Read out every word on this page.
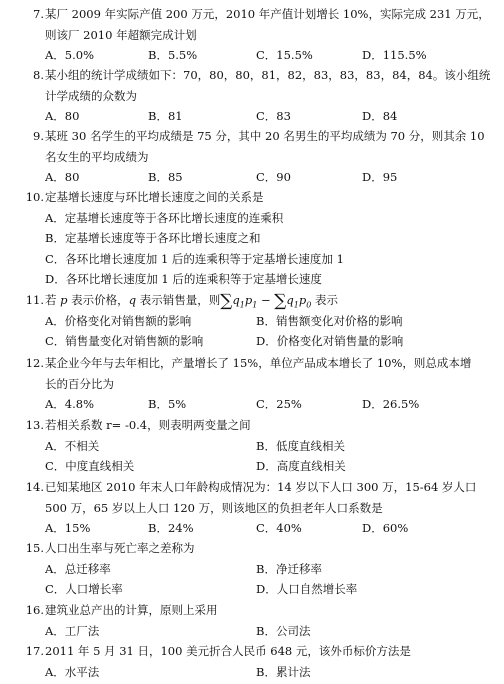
7. 某厂 2009 年实际产值 200 万元，2010 年产值计划增长 10%，实际完成 231 万元，
则该厂 2010 年超额完成计划
A．5.0%	B．5.5%	C．15.5%	D．115.5%
8. 某小组的统计学成绩如下：70，80，80，81，82，83，83，83，84，84。该小组统
计学成绩的众数为
A．80	B．81	C．83	D．84
9. 某班 30 名学生的平均成绩是 75 分，其中 20 名男生的平均成绩为 70 分，则其余 10
名女生的平均成绩为
A．80	B．85	C．90	D．95
10. 定基增长速度与环比增长速度之间的关系是
A．定基增长速度等于各环比增长速度的连乘积
B．定基增长速度等于各环比增长速度之和
C．各环比增长速度加 1 后的连乘积等于定基增长速度加 1
D．各环比增长速度加 1 后的连乘积等于定基增长速度
11. 若 p 表示价格，q 表示销售量，则$\sum q_1p_1 - \sum q_1p_0$ 表示
A．价格变化对销售额的影响	B．销售额变化对价格的影响
C．销售量变化对销售额的影响	D．价格变化对销售量的影响
12. 某企业今年与去年相比，产量增长了 15%，单位产品成本增长了 10%，则总成本增
长的百分比为
A．4.8%	B．5%	C．25%	D．26.5%
13. 若相关系数 r= -0.4，则表明两变量之间
A．不相关	B．低度直线相关
C．中度直线相关	D．高度直线相关
14. 已知某地区 2010 年末人口年龄构成情况为：14 岁以下人口 300 万，15-64 岁人口
500 万，65 岁以上人口 120 万，则该地区的负担老年人口系数是
A．15%	B．24%	C．40%	D．60%
15. 人口出生率与死亡率之差称为
A．总迁移率	B．净迁移率
C．人口增长率	D．人口自然增长率
16. 建筑业总产出的计算，原则上采用
A．工厂法	B．公司法
17. 2011 年 5 月 31 日，100 美元折合人民币 648 元，该外币标价方法是
A．水平法	B．累计法
